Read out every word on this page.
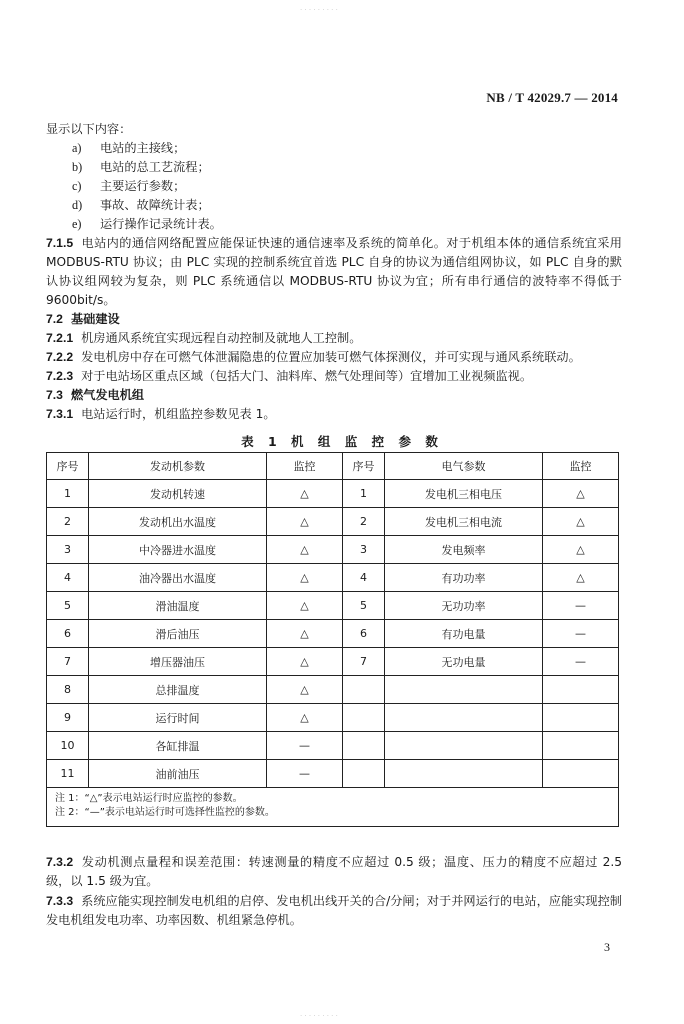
· · · · · · · · ·
NB / T 42029.7 — 2014
显示以下内容：
a) 电站的主接线；
b) 电站的总工艺流程；
c) 主要运行参数；
d) 事故、故障统计表；
e) 运行操作记录统计表。
7.1.5 电站内的通信网络配置应能保证快速的通信速率及系统的简单化。对于机组本体的通信系统宜采用 MODBUS-RTU 协议；由 PLC 实现的控制系统宜首选 PLC 自身的协议为通信组网协议，如 PLC 自身的默认协议组网较为复杂，则 PLC 系统通信以 MODBUS-RTU 协议为宜；所有串行通信的波特率不得低于 9600bit/s。
7.2 基础建设
7.2.1 机房通风系统宜实现远程自动控制及就地人工控制。
7.2.2 发电机房中存在可燃气体泄漏隐患的位置应加装可燃气体探测仪，并可实现与通风系统联动。
7.2.3 对于电站场区重点区域（包括大门、油料库、燃气处理间等）宜增加工业视频监视。
7.3 燃气发电机组
7.3.1 电站运行时，机组监控参数见表 1。
表 1 机 组 监 控 参 数
序号	发动机参数	监控	序号	电气参数	监控
1	发动机转速	△	1	发电机三相电压	△
2	发动机出水温度	△	2	发电机三相电流	△
3	中冷器进水温度	△	3	发电频率	△
4	油冷器出水温度	△	4	有功功率	△
5	滑油温度	△	5	无功功率	—
6	滑后油压	△	6	有功电量	—
7	增压器油压	△	7	无功电量	—
8	总排温度	△			
9	运行时间	△			
10	各缸排温	—			
11	油前油压	—			

注 1：“△”表示电站运行时应监控的参数。
注 2：“—”表示电站运行时可选择性监控的参数。					
7.3.2 发动机测点量程和误差范围：转速测量的精度不应超过 0.5 级；温度、压力的精度不应超过 2.5 级，以 1.5 级为宜。
7.3.3 系统应能实现控制发电机组的启停、发电机出线开关的合/分闸；对于并网运行的电站，应能实现控制发电机组发电功率、功率因数、机组紧急停机。
3
· · · · · · · · ·
